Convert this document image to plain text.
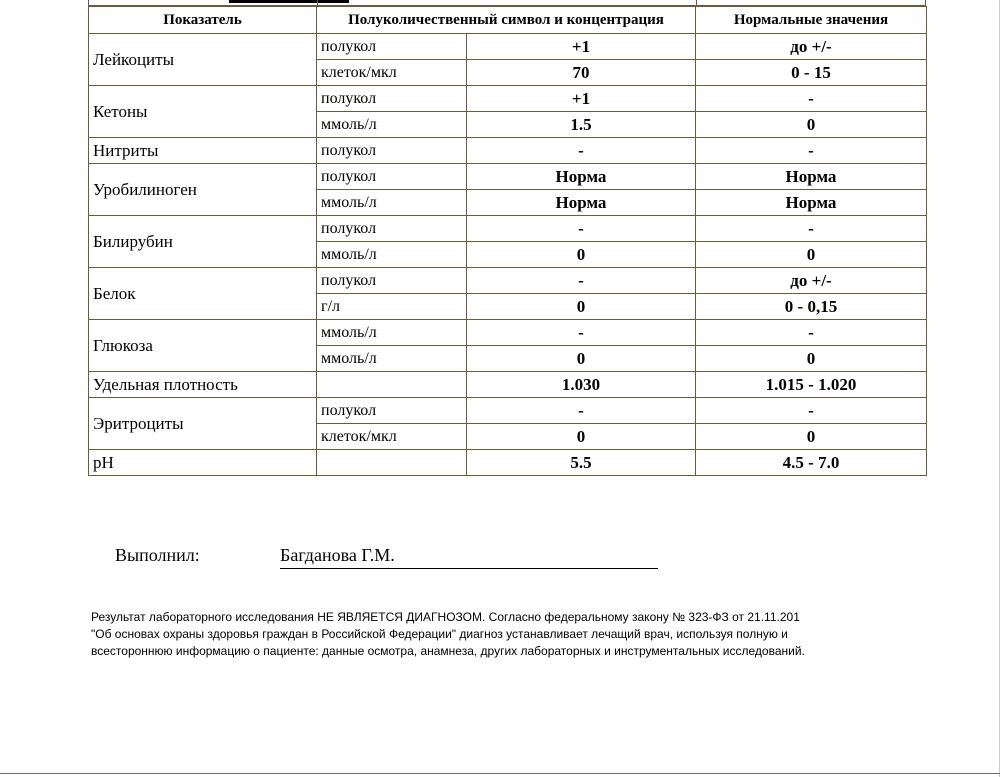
Показатель	Полуколичественный символ и концентрация		Нормальные значения
Лейкоциты	полукол	+1	до +/-
	клеток/мкл	70	0 - 15
Кетоны	полукол	+1	-
	ммоль/л	1.5	0
Нитриты	полукол	-	-
Уробилиноген	полукол	Норма	Норма
	ммоль/л	Норма	Норма
Билирубин	полукол	-	-
	ммоль/л	0	0
Белок	полукол	-	до +/-
	г/л	0	0 - 0,15
Глюкоза	ммоль/л	-	-
	ммоль/л	0	0
Удельная плотность		1.030	1.015 - 1.020
Эритроциты	полукол	-	-
	клеток/мкл	0	0
pH		5.5	4.5 - 7.0
Выполнил:	Багданова Г.М.
Результат лабораторного исследования НЕ ЯВЛЯЕТСЯ ДИАГНОЗОМ. Согласно федеральному закону № 323-ФЗ от 21.11.201
"Об основах охраны здоровья граждан в Российской Федерации" диагноз устанавливает лечащий врач, используя полную и
всестороннюю информацию о пациенте: данные осмотра, анамнеза, других лабораторных и инструментальных исследований.
